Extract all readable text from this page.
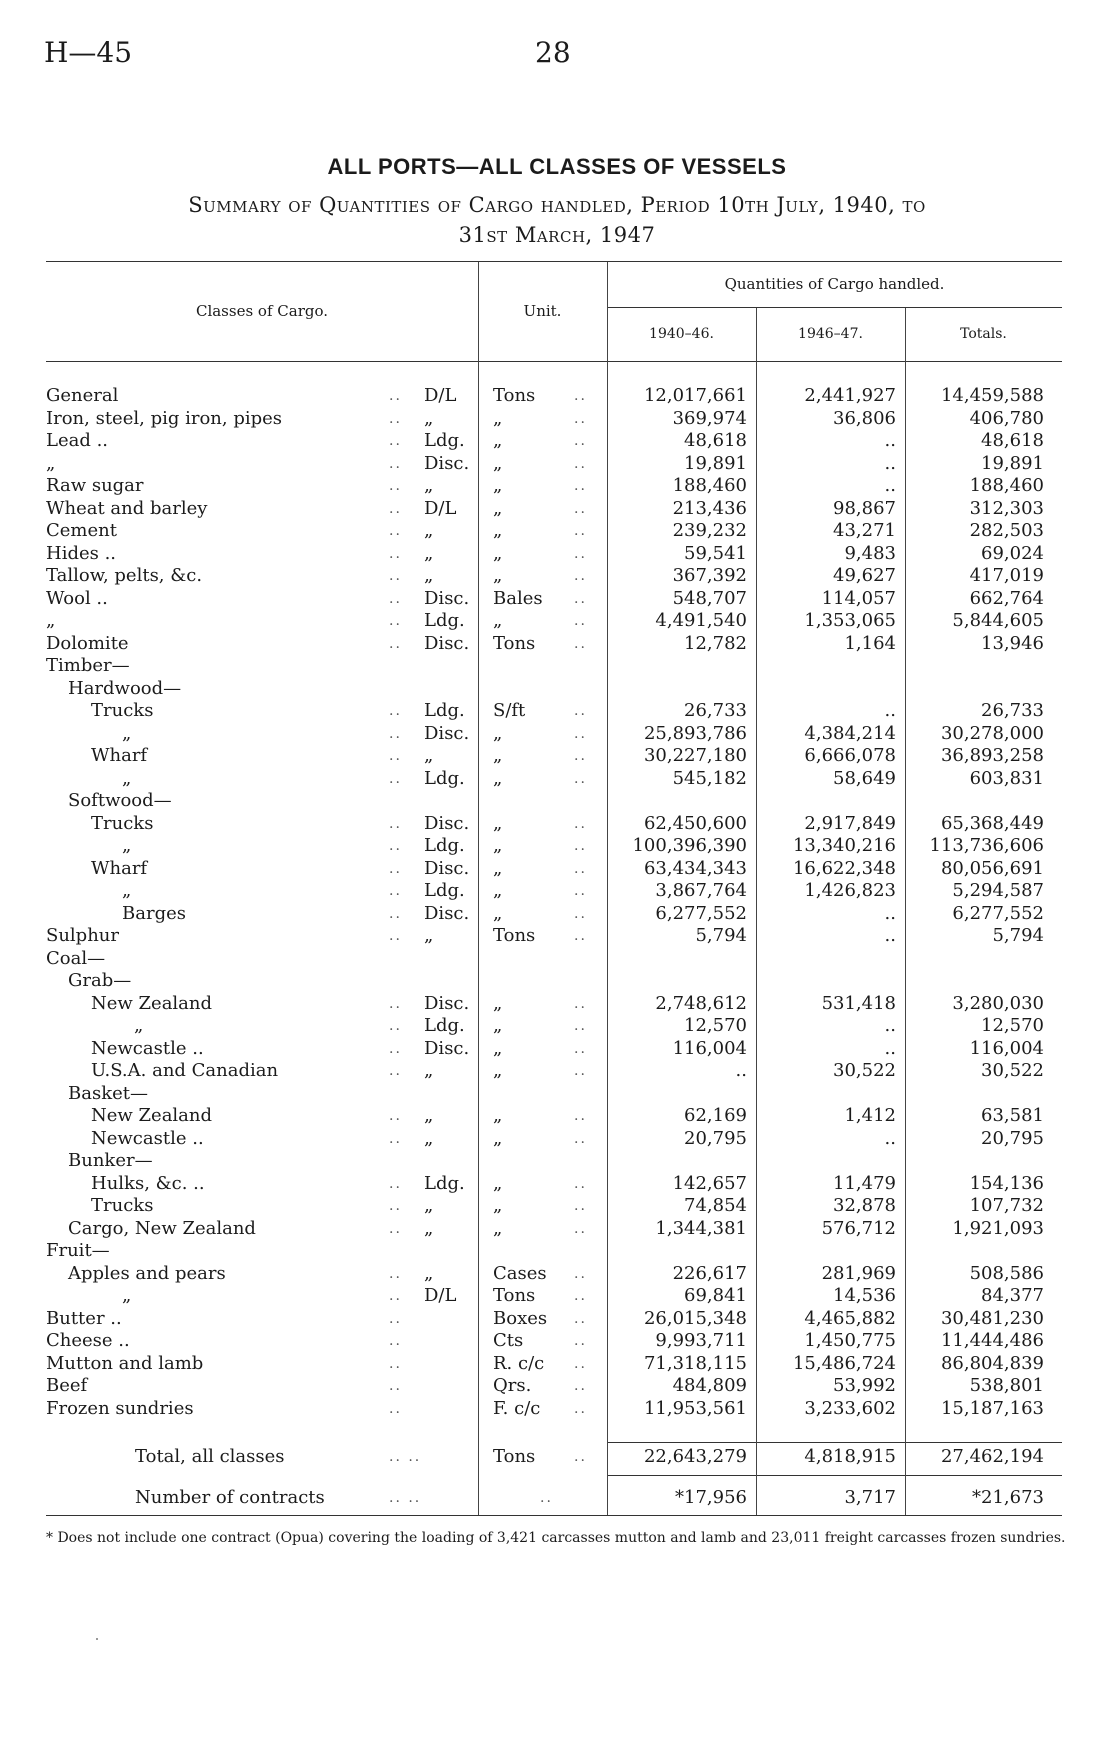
H—45	28
ALL PORTS—ALL CLASSES OF VESSELS
Summary of Quantities of Cargo handled, Period 10th July, 1940, to
31st March, 1947
Classes of Cargo.	Unit.
Quantities of Cargo handled.
1940–46.	1946–47.	Totals.
General	.. D/L Tons	..	12,017,661	2,441,927 14,459,588
Iron, steel, pig iron, pipes	.. „	„	..	369,974	36,806	406,780
Lead ..	.. Ldg. „	..	48,618	..	48,618
„	.. Disc. „	..	19,891	..	19,891
Raw sugar	.. „	„	..	188,460	..	188,460
Wheat and barley	.. D/L „	..	213,436	98,867	312,303
Cement	.. „	„	..	239,232	43,271	282,503
Hides ..	.. „	„	..	59,541	9,483	69,024
Tallow, pelts, &c.	.. „	„	..	367,392	49,627	417,019
Wool ..	.. Disc. Bales ..	548,707	114,057	662,764
„	.. Ldg. „	..	4,491,540	1,353,065	5,844,605
Dolomite	.. Disc. Tons	..	12,782	1,164	13,946
Timber—
Hardwood—
Trucks	.. Ldg. S/ft	..	26,733	..	26,733
„	.. Disc. „	..	25,893,786	4,384,214 30,278,000
Wharf	.. „	„	..	30,227,180	6,666,078 36,893,258
„	.. Ldg. „	..	545,182	58,649	603,831
Softwood—
Trucks	.. Disc. „	..	62,450,600	2,917,849 65,368,449
„	.. Ldg. „	..	100,396,390	13,340,216 113,736,606
Wharf	.. Disc. „	..	63,434,343	16,622,348 80,056,691
„	.. Ldg. „	..	3,867,764	1,426,823	5,294,587
Barges	.. Disc. „	..	6,277,552	..	6,277,552
Sulphur	.. „	Tons	..	5,794	..	5,794
Coal—
Grab—
New Zealand	.. Disc. „	..	2,748,612	531,418	3,280,030
„	.. Ldg. „	..	12,570	..	12,570
Newcastle ..	.. Disc. „	..	116,004	..	116,004
U.S.A. and Canadian	.. „	„	..	..	30,522	30,522
Basket—
New Zealand	.. „	„	..	62,169	1,412	63,581
Newcastle ..	.. „	„	..	20,795	..	20,795
Bunker—
Hulks, &c. ..	.. Ldg. „	..	142,657	11,479	154,136
Trucks	.. „	„	..	74,854	32,878	107,732
Cargo, New Zealand	.. „	„	..	1,344,381	576,712	1,921,093
Fruit—
Apples and pears	.. „	Cases ..	226,617	281,969	508,586
„	.. D/L Tons	..	69,841	14,536	84,377
Butter ..	..	Boxes ..	26,015,348	4,465,882 30,481,230
Cheese ..	..	Cts	..	9,993,711	1,450,775 11,444,486
Mutton and lamb	..	R. c/c ..	71,318,115	15,486,724 86,804,839
Beef	..	Qrs.	..	484,809	53,992	538,801
Frozen sundries	..	F. c/c ..	11,953,561	3,233,602 15,187,163
Total, all classes	.. ..	Tons	..	22,643,279	4,818,915 27,462,194
Number of contracts	.. ..	..	*17,956	3,717	*21,673
* Does not include one contract (Opua) covering the loading of 3,421 carcasses mutton and lamb and 23,011 freight carcasses frozen sundries.
